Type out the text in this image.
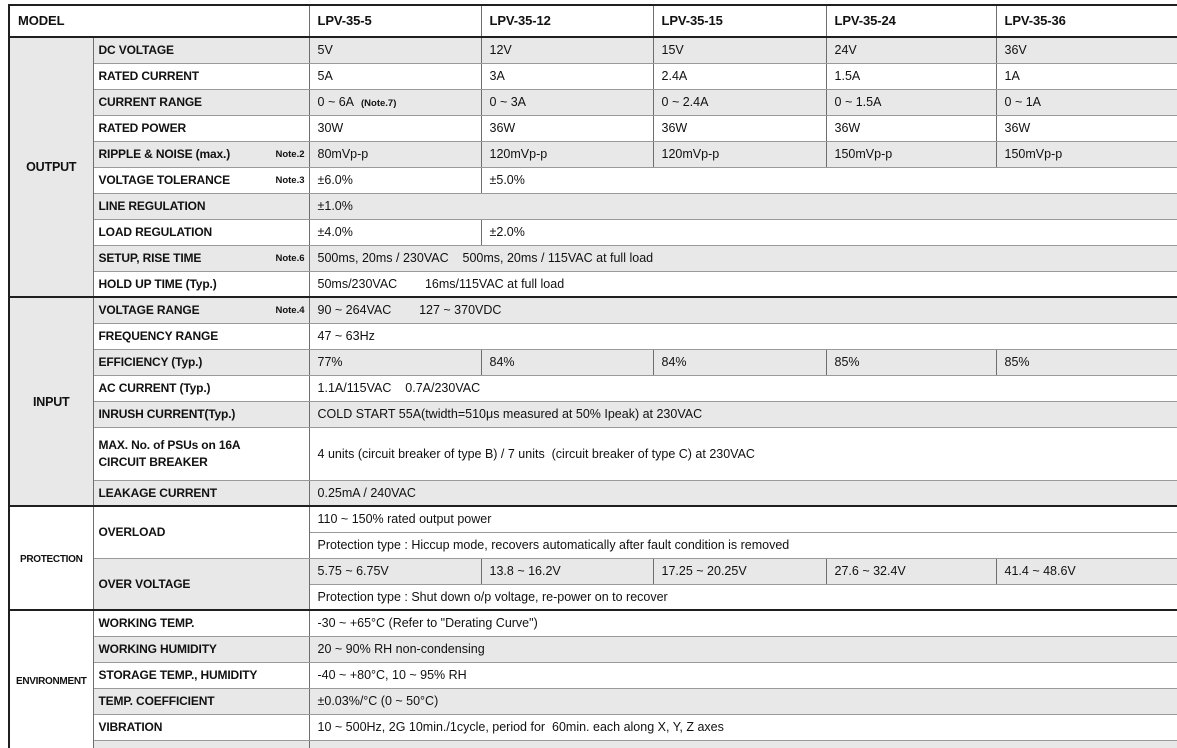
MODEL		LPV-35-5	LPV-35-12	LPV-35-15	LPV-35-24	LPV-35-36
OUTPUT	DC VOLTAGE	5V	12V	15V	24V	36V
	RATED CURRENT	5A	3A	2.4A	1.5A	1A
	CURRENT RANGE	0 ~ 6A (Note.7)	0 ~ 3A	0 ~ 2.4A	0 ~ 1.5A	0 ~ 1A
	RATED POWER	30W	36W	36W	36W	36W

	RIPPLE & NOISE (max.) Note.2	80mVp-p	120mVp-p	120mVp-p	150mVp-p	150mVp-p

	VOLTAGE TOLERANCE Note.3	±6.0%	±5.0%			
	LINE REGULATION	±1.0%				
	LOAD REGULATION	±4.0%	±2.0%			

	SETUP, RISE TIME Note.6	500ms, 20ms / 230VAC    500ms, 20ms / 115VAC at full load				
	HOLD UP TIME (Typ.)	50ms/230VAC        16ms/115VAC at full load				
INPUT	VOLTAGE RANGE Note.4	90 ~ 264VAC        127 ~ 370VDC				
	FREQUENCY RANGE	47 ~ 63Hz				
	EFFICIENCY (Typ.)	77%	84%	84%	85%	85%
	AC CURRENT (Typ.)	1.1A/115VAC    0.7A/230VAC				
	INRUSH CURRENT(Typ.)	COLD START 55A(twidth=510μs measured at 50% Ipeak) at 230VAC				

	MAX. No. of PSUs on 16A
CIRCUIT BREAKER	4 units (circuit breaker of type B) / 7 units  (circuit breaker of type C) at 230VAC				
	LEAKAGE CURRENT	0.25mA / 240VAC				
PROTECTION	OVERLOAD	110 ~ 150% rated output power				
		Protection type : Hiccup mode, recovers automatically after fault condition is removed				
	OVER VOLTAGE	5.75 ~ 6.75V	13.8 ~ 16.2V	17.25 ~ 20.25V	27.6 ~ 32.4V	41.4 ~ 48.6V
		Protection type : Shut down o/p voltage, re-power on to recover				
ENVIRONMENT	WORKING TEMP.	-30 ~ +65°C (Refer to "Derating Curve")				
	WORKING HUMIDITY	20 ~ 90% RH non-condensing				
	STORAGE TEMP., HUMIDITY	-40 ~ +80°C, 10 ~ 95% RH				
	TEMP. COEFFICIENT	±0.03%/°C (0 ~ 50°C)				
	VIBRATION	10 ~ 500Hz, 2G 10min./1cycle, period for  60min. each along X, Y, Z axes				
